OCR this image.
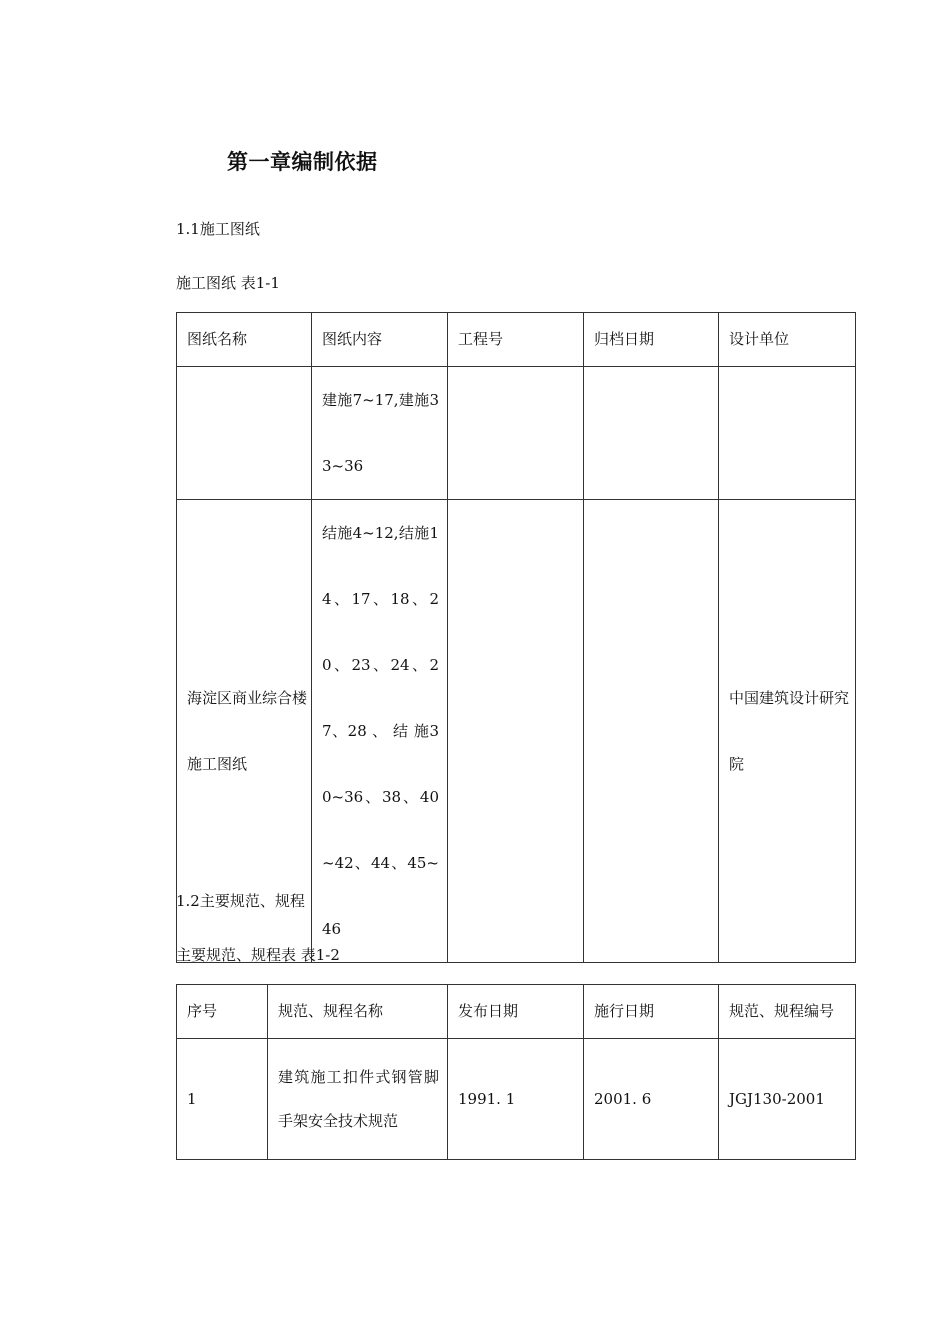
第一章编制依据
1.1施工图纸
施工图纸 表1-1
图纸名称	图纸内容	工程号	归档日期	设计单位
	建施7~17,建施33~36			
海淀区商业综合楼施工图纸	结施4~12,结施14、17、18、20、23、24、27、28 、 结 施30~36、38、40~42、44、45~46			中国建筑设计研究院
1.2主要规范、规程
主要规范、规程表 表1-2
序号	规范、规程名称	发布日期	施行日期	规范、规程编号
1	建筑施工扣件式钢管脚手架安全技术规范	1991. 1	2001. 6	JGJ130-2001
